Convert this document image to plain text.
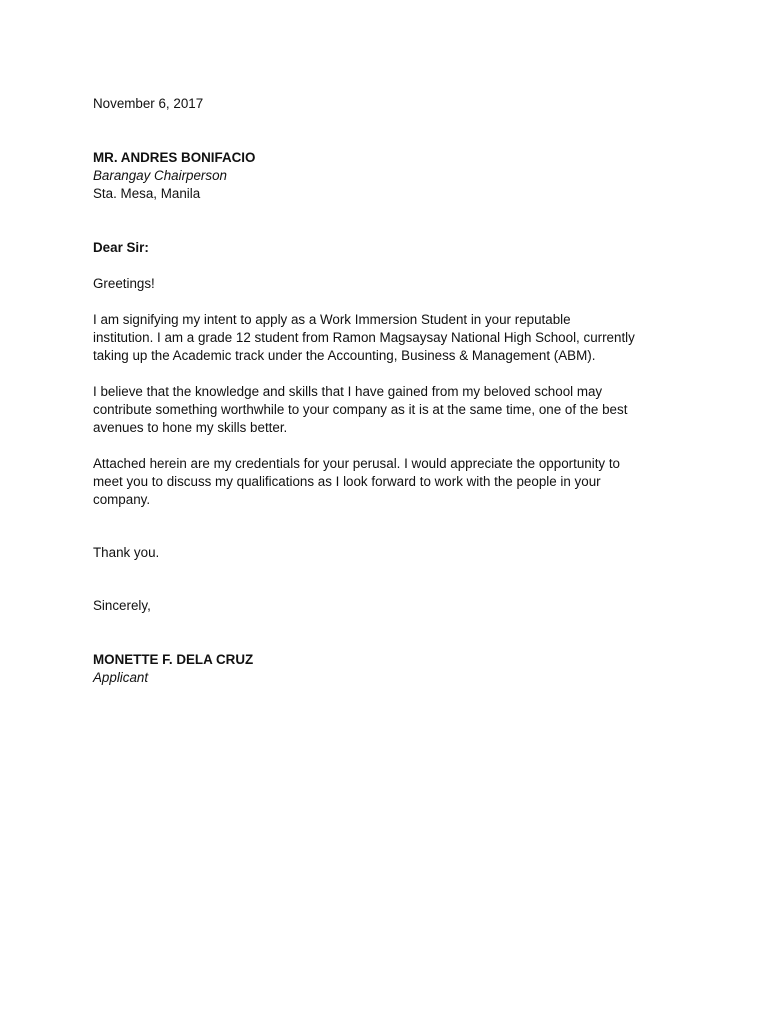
November 6, 2017
MR. ANDRES BONIFACIO
Barangay Chairperson
Sta. Mesa, Manila
Dear Sir:
Greetings!

I am signifying my intent to apply as a Work Immersion Student in your reputable
institution. I am a grade 12 student from Ramon Magsaysay National High School, currently
taking up the Academic track under the Accounting, Business & Management (ABM).

I believe that the knowledge and skills that I have gained from my beloved school may
contribute something worthwhile to your company as it is at the same time, one of the best
avenues to hone my skills better.

Attached herein are my credentials for your perusal. I would appreciate the opportunity to
meet you to discuss my qualifications as I look forward to work with the people in your
company.

Thank you.
Sincerely,
MONETTE F. DELA CRUZ
Applicant
